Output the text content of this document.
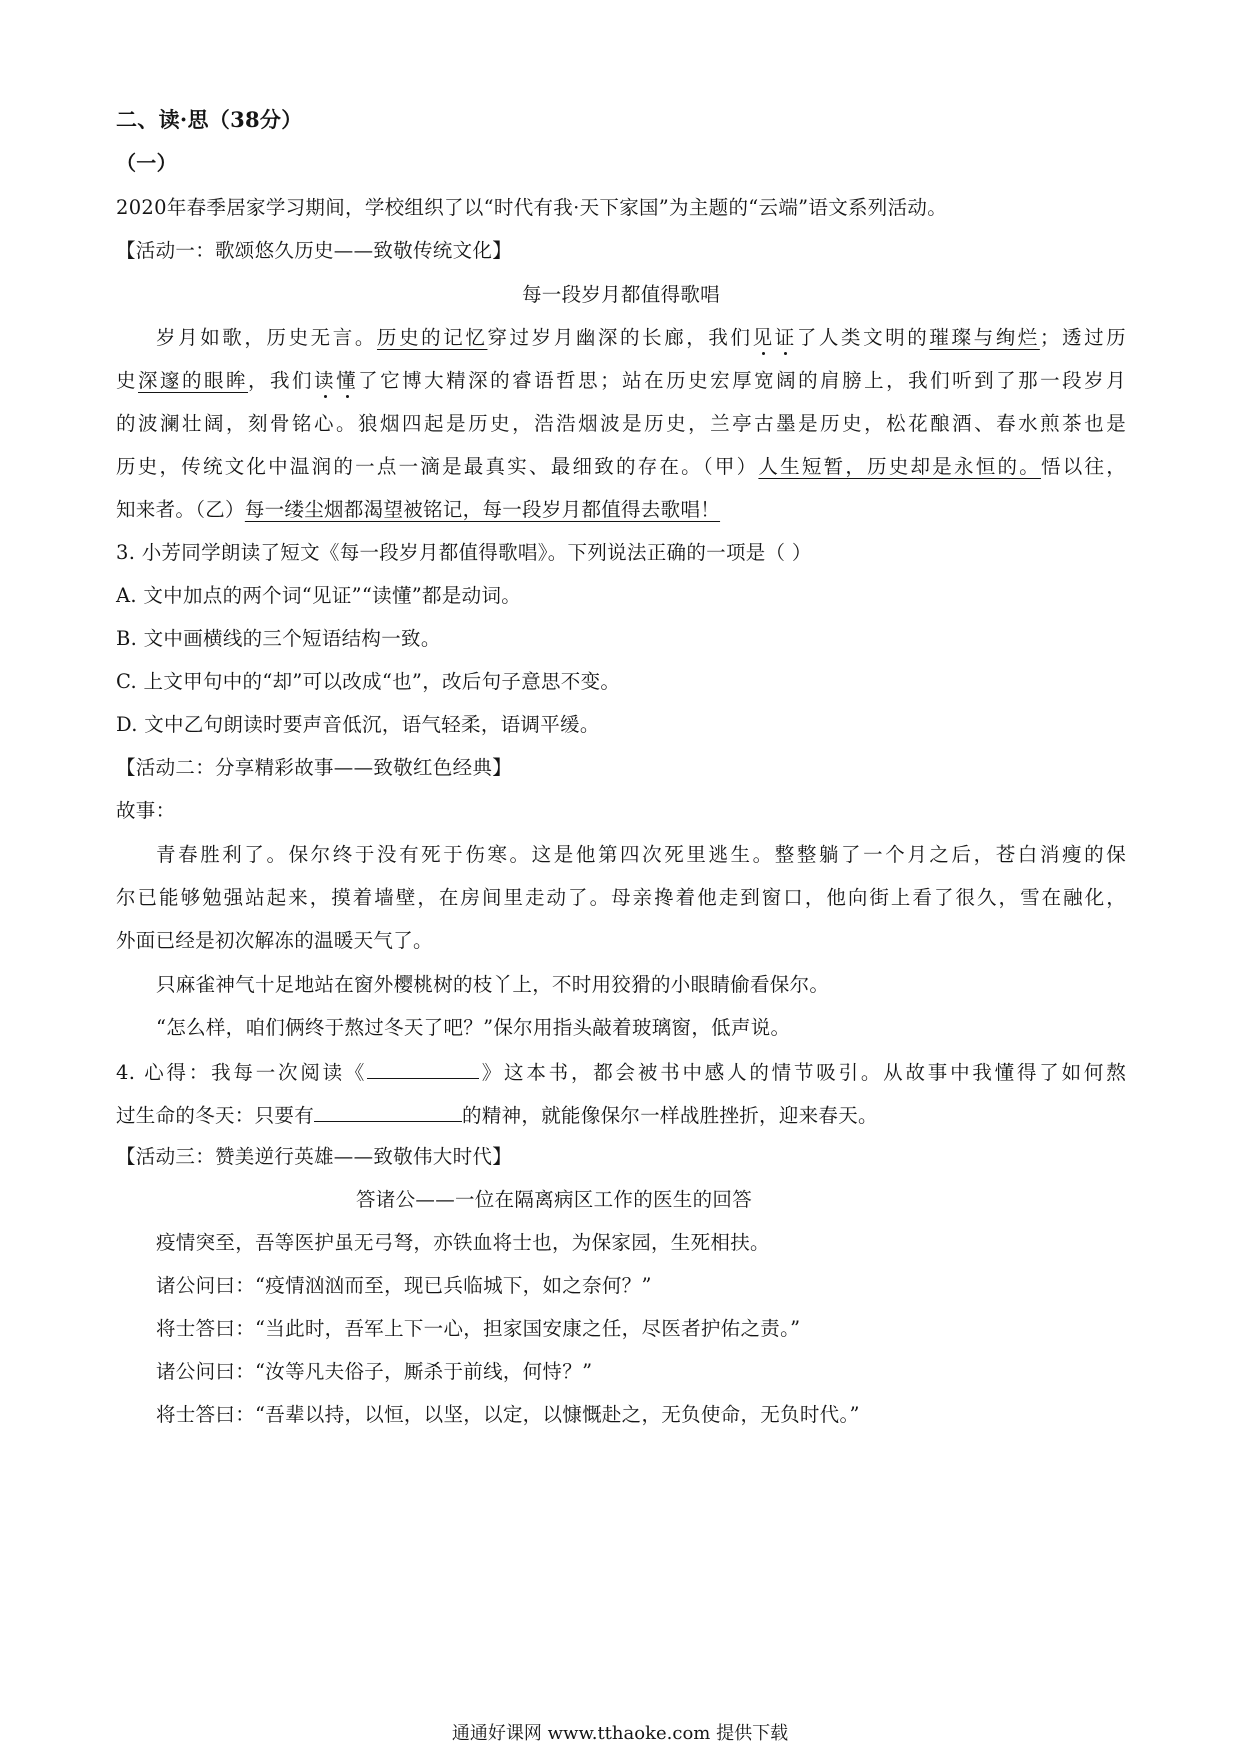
二、读·思（38分）
（一）
2020年春季居家学习期间，学校组织了以“时代有我·天下家国”为主题的“云端”语文系列活动。
【活动一：歌颂悠久历史——致敬传统文化】
每一段岁月都值得歌唱
岁月如歌，历史无言。历史的记忆穿过岁月幽深的长廊，我们见证了人类文明的璀璨与绚烂；透过历
史深邃的眼眸，我们读懂了它博大精深的睿语哲思；站在历史宏厚宽阔的肩膀上，我们听到了那一段岁月
的波澜壮阔，刻骨铭心。狼烟四起是历史，浩浩烟波是历史，兰亭古墨是历史，松花酿酒、春水煎茶也是
历史，传统文化中温润的一点一滴是最真实、最细致的存在。（甲）人生短暂，历史却是永恒的。悟以往，
知来者。（乙）每一缕尘烟都渴望被铭记，每一段岁月都值得去歌唱！
3. 小芳同学朗读了短文《每一段岁月都值得歌唱》。下列说法正确的一项是（ ）
A. 文中加点的两个词“见证”“读懂”都是动词。
B. 文中画横线的三个短语结构一致。
C. 上文甲句中的“却”可以改成“也”，改后句子意思不变。
D. 文中乙句朗读时要声音低沉，语气轻柔，语调平缓。
【活动二：分享精彩故事——致敬红色经典】
故事：
青春胜利了。保尔终于没有死于伤寒。这是他第四次死里逃生。整整躺了一个月之后，苍白消瘦的保
尔已能够勉强站起来，摸着墙壁，在房间里走动了。母亲搀着他走到窗口，他向街上看了很久，雪在融化，
外面已经是初次解冻的温暖天气了。
只麻雀神气十足地站在窗外樱桃树的枝丫上，不时用狡猾的小眼睛偷看保尔。
“怎么样，咱们俩终于熬过冬天了吧？”保尔用指头敲着玻璃窗，低声说。
4. 心得：我每一次阅读《	》这本书，都会被书中感人的情节吸引。从故事中我懂得了如何熬
过生命的冬天：只要有	的精神，就能像保尔一样战胜挫折，迎来春天。
【活动三：赞美逆行英雄——致敬伟大时代】
答诸公——一位在隔离病区工作的医生的回答
疫情突至，吾等医护虽无弓弩，亦铁血将士也，为保家园，生死相扶。
诸公问曰：“疫情汹汹而至，现已兵临城下，如之奈何？”
将士答曰：“当此时，吾军上下一心，担家国安康之任，尽医者护佑之责。”
诸公问曰：“汝等凡夫俗子，厮杀于前线，何恃？”
将士答曰：“吾辈以持，以恒，以坚，以定，以慷慨赴之，无负使命，无负时代。”
通通好课网 www.tthaoke.com 提供下载
